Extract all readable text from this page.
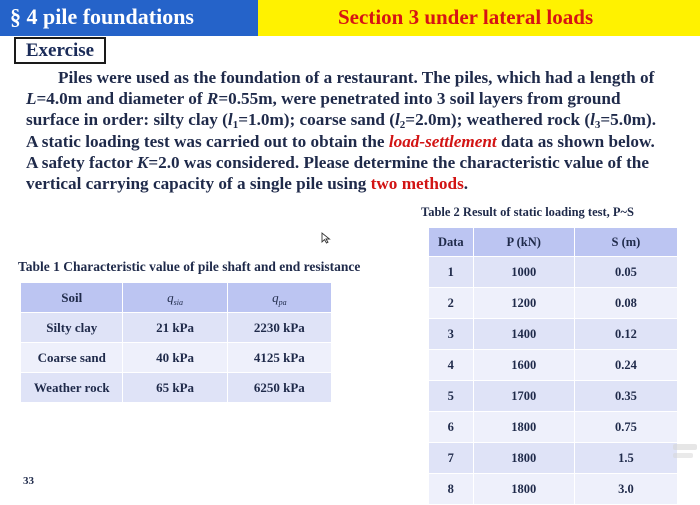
§ 4 pile foundations	Section 3 under lateral loads
Exercise
Piles were used as the foundation of a restaurant. The piles, which had a length of
L=4.0m and diameter of R=0.55m, were penetrated into 3 soil layers from ground
surface in order: silty clay $(l_1=1.0m)$; coarse sand $(l_2=2.0m)$; weathered rock $(l_3=5.0m)$.
A static loading test was carried out to obtain the load-settlement data as shown below.
A safety factor K=2.0 was considered. Please determine the characteristic value of the
vertical carrying capacity of a single pile using two methods.
Table 1 Characteristic value of pile shaft and end resistance
Soil	$q_{sia}$	$q_{pa}$
Silty clay	21 kPa	2230 kPa
Coarse sand	40 kPa	4125 kPa
Weather rock	65 kPa	6250 kPa
Table 2 Result of static loading test, P~S
Data	P (kN)	S (m)
1	1000	0.05
2	1200	0.08
3	1400	0.12
4	1600	0.24
5	1700	0.35
6	1800	0.75
7	1800	1.5
8	1800	3.0
33
